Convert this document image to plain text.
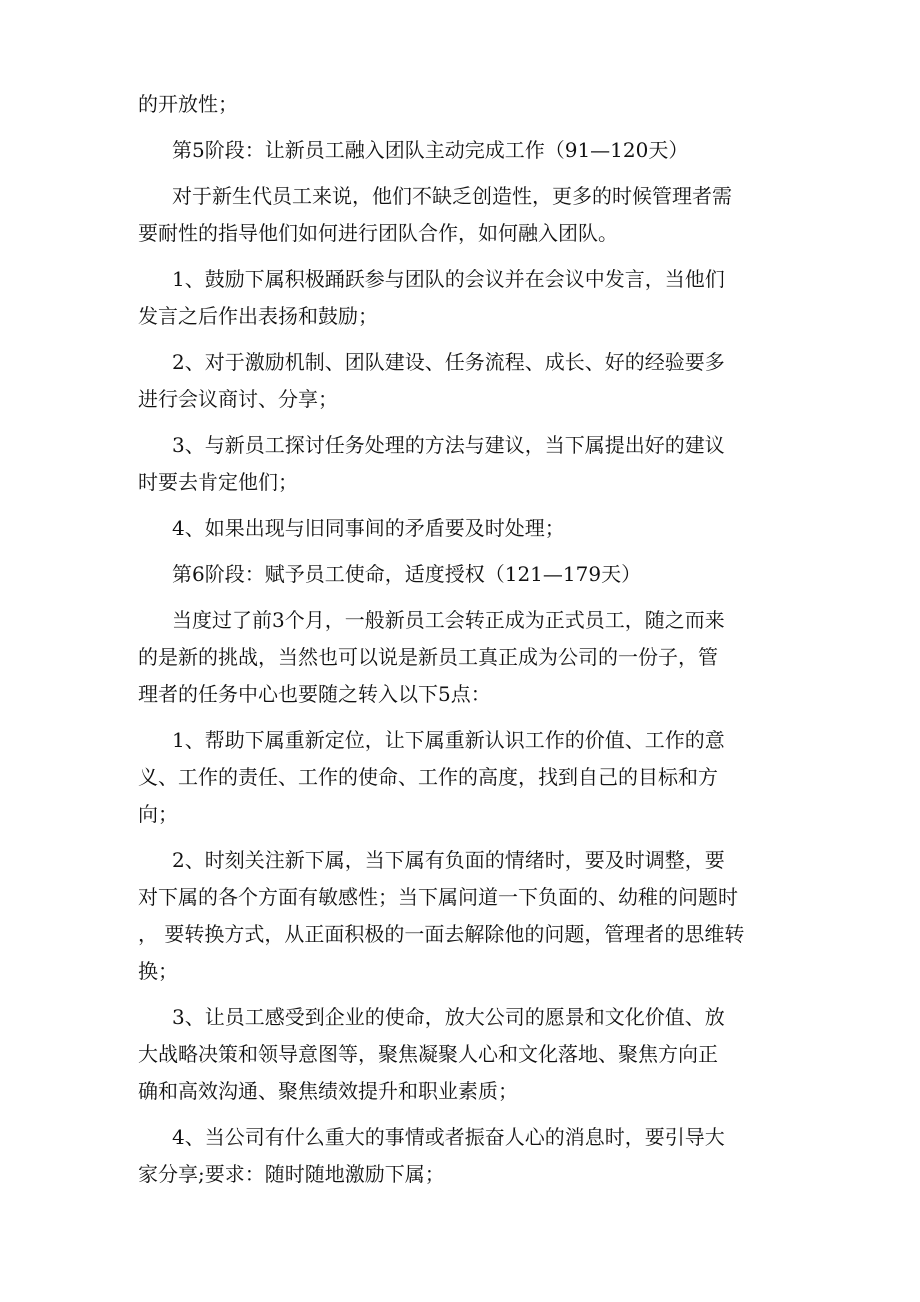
的开放性；
第5阶段：让新员工融入团队主动完成工作（91—120天）
对于新生代员工来说，他们不缺乏创造性，更多的时候管理者需
要耐性的指导他们如何进行团队合作，如何融入团队。
1、鼓励下属积极踊跃参与团队的会议并在会议中发言，当他们
发言之后作出表扬和鼓励；
2、对于激励机制、团队建设、任务流程、成长、好的经验要多
进行会议商讨、分享；
3、与新员工探讨任务处理的方法与建议，当下属提出好的建议
时要去肯定他们；
4、如果出现与旧同事间的矛盾要及时处理；
第6阶段：赋予员工使命，适度授权（121—179天）
当度过了前3个月，一般新员工会转正成为正式员工，随之而来
的是新的挑战，当然也可以说是新员工真正成为公司的一份子，管
理者的任务中心也要随之转入以下5点：
1、帮助下属重新定位，让下属重新认识工作的价值、工作的意
义、工作的责任、工作的使命、工作的高度，找到自己的目标和方
向；
2、时刻关注新下属，当下属有负面的情绪时，要及时调整，要
对下属的各个方面有敏感性；当下属问道一下负面的、幼稚的问题时
， 要转换方式，从正面积极的一面去解除他的问题，管理者的思维转
换；
3、让员工感受到企业的使命，放大公司的愿景和文化价值、放
大战略决策和领导意图等，聚焦凝聚人心和文化落地、聚焦方向正
确和高效沟通、聚焦绩效提升和职业素质；
4、当公司有什么重大的事情或者振奋人心的消息时，要引导大
家分享;要求：随时随地激励下属；
